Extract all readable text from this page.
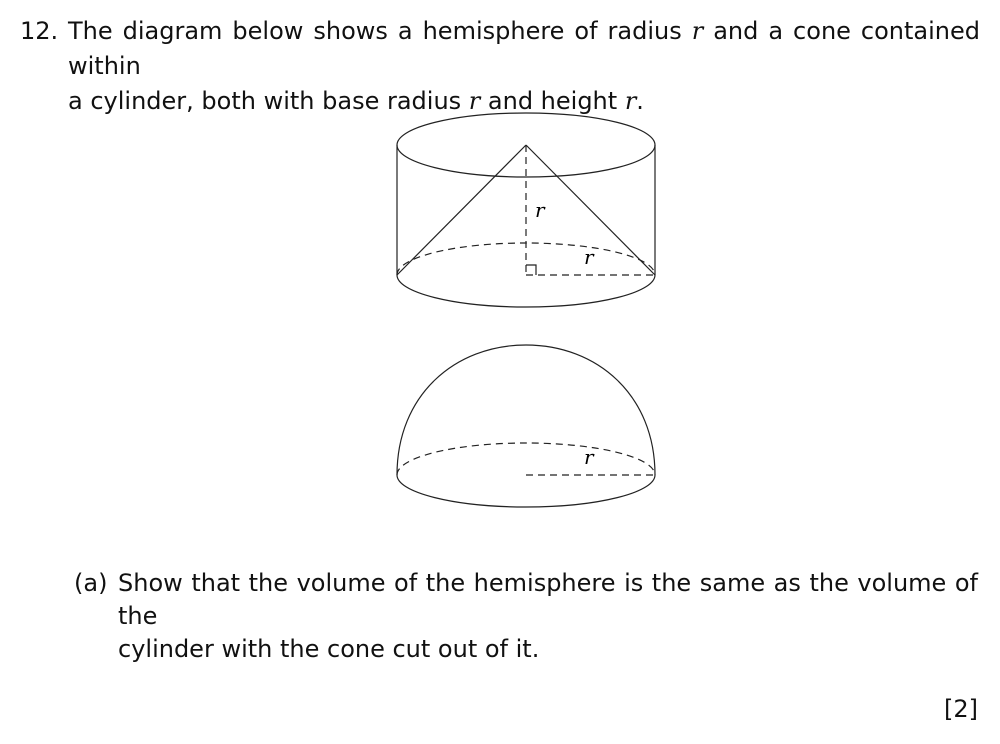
12. The diagram below shows a hemisphere of radius r and a cone contained within
a cylinder, both with base radius r and height r.
r
r
r
(a) Show that the volume of the hemisphere is the same as the volume of the
cylinder with the cone cut out of it.
[2]
